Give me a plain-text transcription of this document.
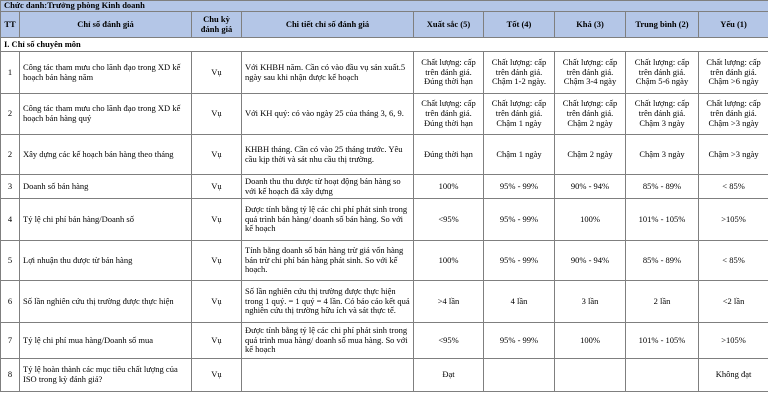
Chức danh:Trưởng phòng Kinh doanh								
TT	Chỉ số đánh giá	Chu kỳ đánh giá	Chi tiết chỉ số đánh giá	Xuất sắc (5)	Tốt (4)	Khá (3)	Trung bình (2)	Yếu (1)
I. Chỉ số chuyên môn								
1	Công tác tham mưu cho lãnh đạo trong XD kế hoạch bán hàng năm	Vụ	Với KHBH năm. Cần có vào đầu vụ sản xuất.5 ngày sau khi nhận được kế hoạch	Chất lượng: cấp trên đánh giá. Đúng thời hạn	Chất lượng: cấp trên đánh giá. Chậm 1-2 ngày.	Chất lượng: cấp trên đánh giá. Chậm 3-4 ngày	Chất lượng: cấp trên đánh giá. Chậm 5-6 ngày	Chất lượng: cấp trên đánh giá. Chậm >6 ngày
2	Công tác tham mưu cho lãnh đạo trong XD kế hoạch bán hàng quý	Vụ	Với KH quý: có vào ngày 25 của tháng 3, 6, 9.	Chất lượng: cấp trên đánh giá. Đúng thời hạn	Chất lượng: cấp trên đánh giá. Chậm 1 ngày	Chất lượng: cấp trên đánh giá. Chậm 2 ngày	Chất lượng: cấp trên đánh giá. Chậm 3 ngày	Chất lượng: cấp trên đánh giá. Chậm >3 ngày
2	Xây dựng các kế hoạch bán hàng theo tháng	Vụ	KHBH tháng. Cần có vào 25 tháng trước. Yêu cầu kịp thời và sát nhu cầu thị trường.	Đúng thời hạn	Chậm 1 ngày	Chậm 2 ngày	Chậm 3 ngày	Chậm >3 ngày
3	Doanh số bán hàng	Vụ	Doanh thu thu được từ hoạt động bán hàng so với kế hoạch đã xây dựng	100%	95% - 99%	90% - 94%	85% - 89%	< 85%
4	Tỷ lệ chi phí bán hàng/Doanh số	Vụ	Được tính bằng tỷ lệ các chi phí phát sinh trong quá trình bán hàng/ doanh số bán hàng. So với kế hoạch	<95%	95% - 99%	100%	101% - 105%	>105%
5	Lợi nhuận thu được từ bán hàng	Vụ	Tính bằng doanh số bán hàng trừ giá vốn hàng bán trừ chi phí bán hàng phát sinh. So với kế hoạch.	100%	95% - 99%	90% - 94%	85% - 89%	< 85%
6	Số lần nghiên cứu thị trường được thực hiện	Vụ	Số lần nghiên cứu thị trường được thực hiện trong 1 quý. = 1 quý = 4 lần. Có báo cáo kết quả nghiên cứu thị trường hữu ích và sát thực tế.	>4 lần	4 lần	3 lần	2 lần	<2 lần
7	Tỷ lệ chi phí mua hàng/Doanh số mua	Vụ	Được tính bằng tỷ lệ các chi phí phát sinh trong quá trình mua hàng/ doanh số mua hàng. So với kế hoạch	<95%	95% - 99%	100%	101% - 105%	>105%
8	Tỷ lệ hoàn thành các mục tiêu chất lượng của ISO trong kỳ đánh giá?	Vụ		Đạt				Không đạt
